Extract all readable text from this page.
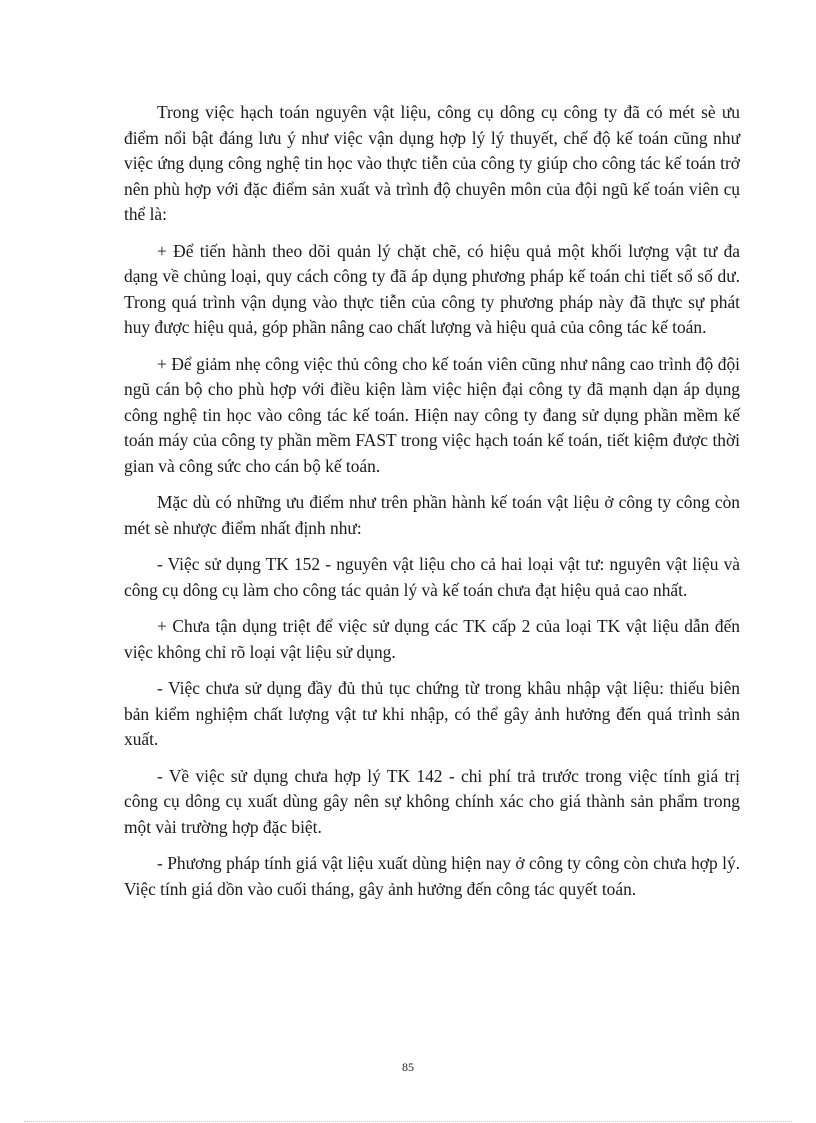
Trong việc hạch toán nguyên vật liệu, công cụ dông cụ công ty đã có mét sè ưu điểm nổi bật đáng lưu ý như việc vận dụng hợp lý lý thuyết, chế độ kế toán cũng như việc ứng dụng công nghệ tin học vào thực tiễn của công ty giúp cho công tác kế toán trở nên phù hợp với đặc điểm sản xuất và trình độ chuyên môn của đội ngũ kế toán viên cụ thể là:

+ Để tiến hành theo dõi quản lý chặt chẽ, có hiệu quả một khối lượng vật tư đa dạng về chủng loại, quy cách công ty đã áp dụng phương pháp kế toán chi tiết sổ số dư. Trong quá trình vận dụng vào thực tiễn của công ty phương pháp này đã thực sự phát huy được hiệu quả, góp phần nâng cao chất lượng và hiệu quả của công tác kế toán.

+ Để giảm nhẹ công việc thủ công cho kế toán viên cũng như nâng cao trình độ đội ngũ cán bộ cho phù hợp với điều kiện làm việc hiện đại công ty đã mạnh dạn áp dụng công nghệ tin học vào công tác kế toán. Hiện nay công ty đang sử dụng phần mềm kế toán máy của công ty phần mềm FAST trong việc hạch toán kế toán, tiết kiệm được thời gian và công sức cho cán bộ kế toán.

Mặc dù có những ưu điểm như trên phần hành kế toán vật liệu ở công ty công còn mét sè nhược điểm nhất định như:

- Việc sử dụng TK 152 - nguyên vật liệu cho cả hai loại vật tư: nguyên vật liệu và công cụ dông cụ làm cho công tác quản lý và kế toán chưa đạt hiệu quả cao nhất.

+ Chưa tận dụng triệt để việc sử dụng các TK cấp 2 của loại TK vật liệu dẫn đến việc không chỉ rõ loại vật liệu sử dụng.

- Việc chưa sử dụng đầy đủ thủ tục chứng từ trong khâu nhập vật liệu: thiếu biên bản kiểm nghiệm chất lượng vật tư khi nhập, có thể gây ảnh hưởng đến quá trình sản xuất.

- Về việc sử dụng chưa hợp lý TK 142 - chi phí trả trước trong việc tính giá trị công cụ dông cụ xuất dùng gây nên sự không chính xác cho giá thành sản phẩm trong một vài trường hợp đặc biệt.

- Phương pháp tính giá vật liệu xuất dùng hiện nay ở công ty công còn chưa hợp lý. Việc tính giá dồn vào cuối tháng, gây ảnh hưởng đến công tác quyết toán.

85
